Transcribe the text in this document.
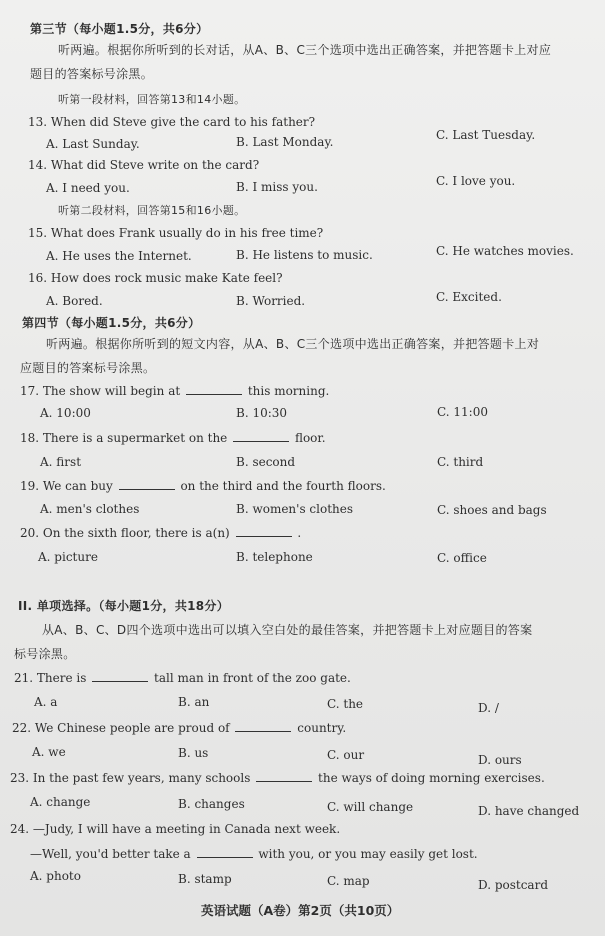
第三节（每小题1.5分，共6分）
听两遍。根据你所听到的长对话，从A、B、C三个选项中选出正确答案，并把答题卡上对应
题目的答案标号涂黑。
听第一段材料，回答第13和14小题。
13. When did Steve give the card to his father?
A. Last Sunday.	B. Last Monday.	C. Last Tuesday.
14. What did Steve write on the card?
A. I need you.	B. I miss you.	C. I love you.
听第二段材料，回答第15和16小题。
15. What does Frank usually do in his free time?
A. He uses the Internet.	B. He listens to music.	C. He watches movies.
16. How does rock music make Kate feel?
A. Bored.	B. Worried.	C. Excited.
第四节（每小题1.5分，共6分）
听两遍。根据你所听到的短文内容，从A、B、C三个选项中选出正确答案，并把答题卡上对
应题目的答案标号涂黑。
17. The show will begin at	this morning.
A. 10:00	B. 10:30	C. 11:00
18. There is a supermarket on the	floor.
A. first	B. second	C. third
19. We can buy	on the third and the fourth floors.
A. men's clothes	B. women's clothes	C. shoes and bags
20. On the sixth floor, there is a(n)	.
A. picture	B. telephone	C. office
II. 单项选择。（每小题1分，共18分）
从A、B、C、D四个选项中选出可以填入空白处的最佳答案，并把答题卡上对应题目的答案
标号涂黑。
21. There is	tall man in front of the zoo gate.
A. a	B. an	C. the	D. /
22. We Chinese people are proud of	country.
A. we	B. us	C. our	D. ours
23. In the past few years, many schools	the ways of doing morning exercises.
A. change	B. changes	C. will change	D. have changed
24. —Judy, I will have a meeting in Canada next week.
—Well, you'd better take a	with you, or you may easily get lost.
A. photo	B. stamp	C. map	D. postcard
英语试题（A卷）第2页（共10页）
